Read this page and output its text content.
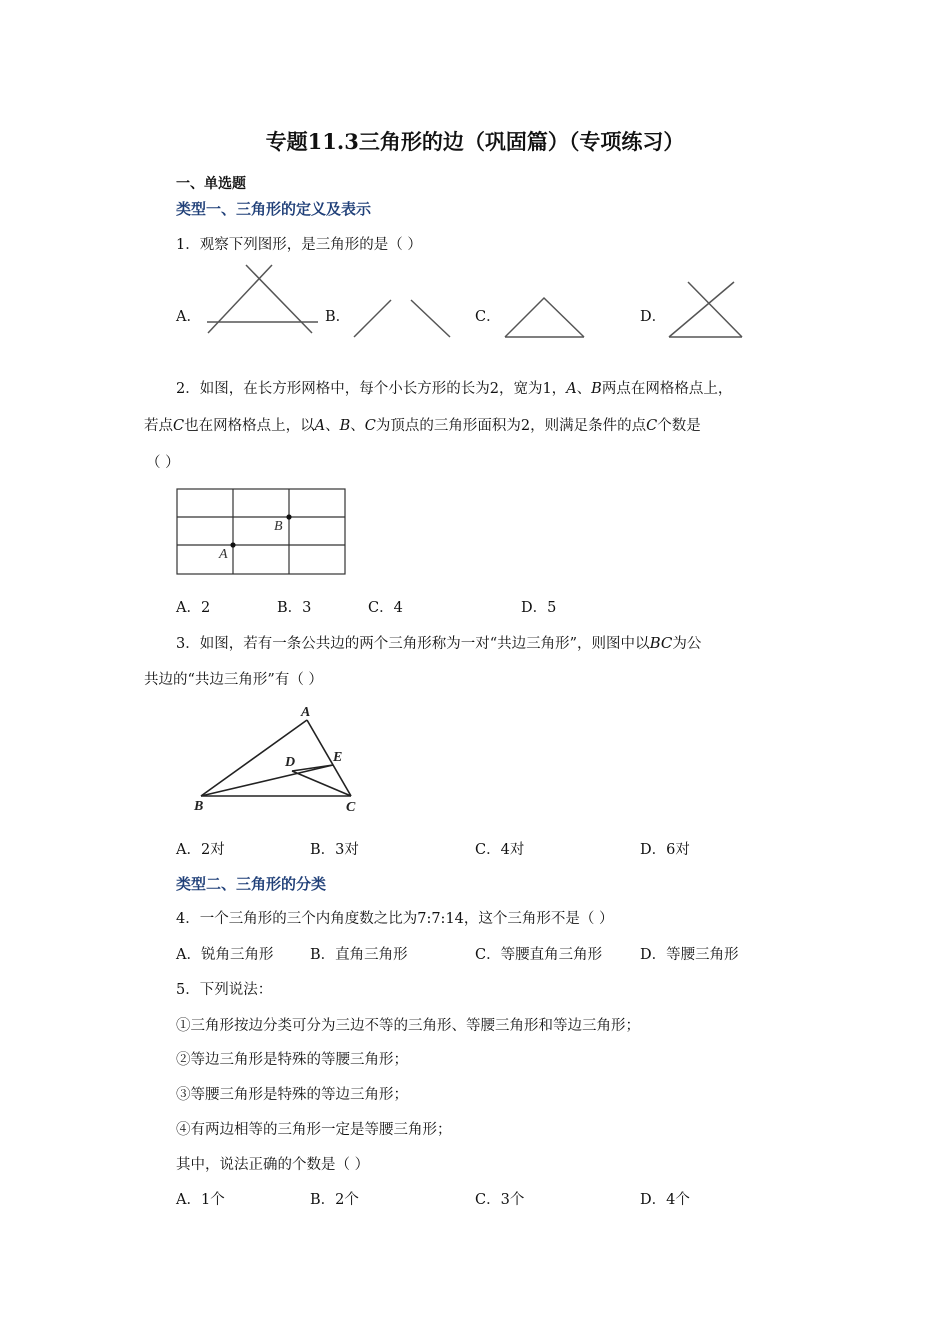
专题11.3三角形的边（巩固篇）（专项练习）
一、单选题
类型一、三角形的定义及表示
1．观察下列图形，是三角形的是（ ）
A．	B．	C．	D．
2．如图，在长方形网格中，每个小长方形的长为2，宽为1，A、B两点在网格格点上，
若点C也在网格格点上，以A、B、C为顶点的三角形面积为2，则满足条件的点C个数是
（ ）
B
A
A．2	B．3	C．4	D．5
3．如图，若有一条公共边的两个三角形称为一对“共边三角形”，则图中以BC为公
共边的“共边三角形”有（ ）
A
B	C
D	E
A．2对	B．3对	C．4对	D．6对
类型二、三角形的分类
4．一个三角形的三个内角度数之比为7:7:14，这个三角形不是（ ）
A．锐角三角形	B．直角三角形	C．等腰直角三角形	D．等腰三角形
5．下列说法：
①三角形按边分类可分为三边不等的三角形、等腰三角形和等边三角形；
②等边三角形是特殊的等腰三角形；
③等腰三角形是特殊的等边三角形；
④有两边相等的三角形一定是等腰三角形；
其中，说法正确的个数是（ ）
A．1个	B．2个	C．3个	D．4个
